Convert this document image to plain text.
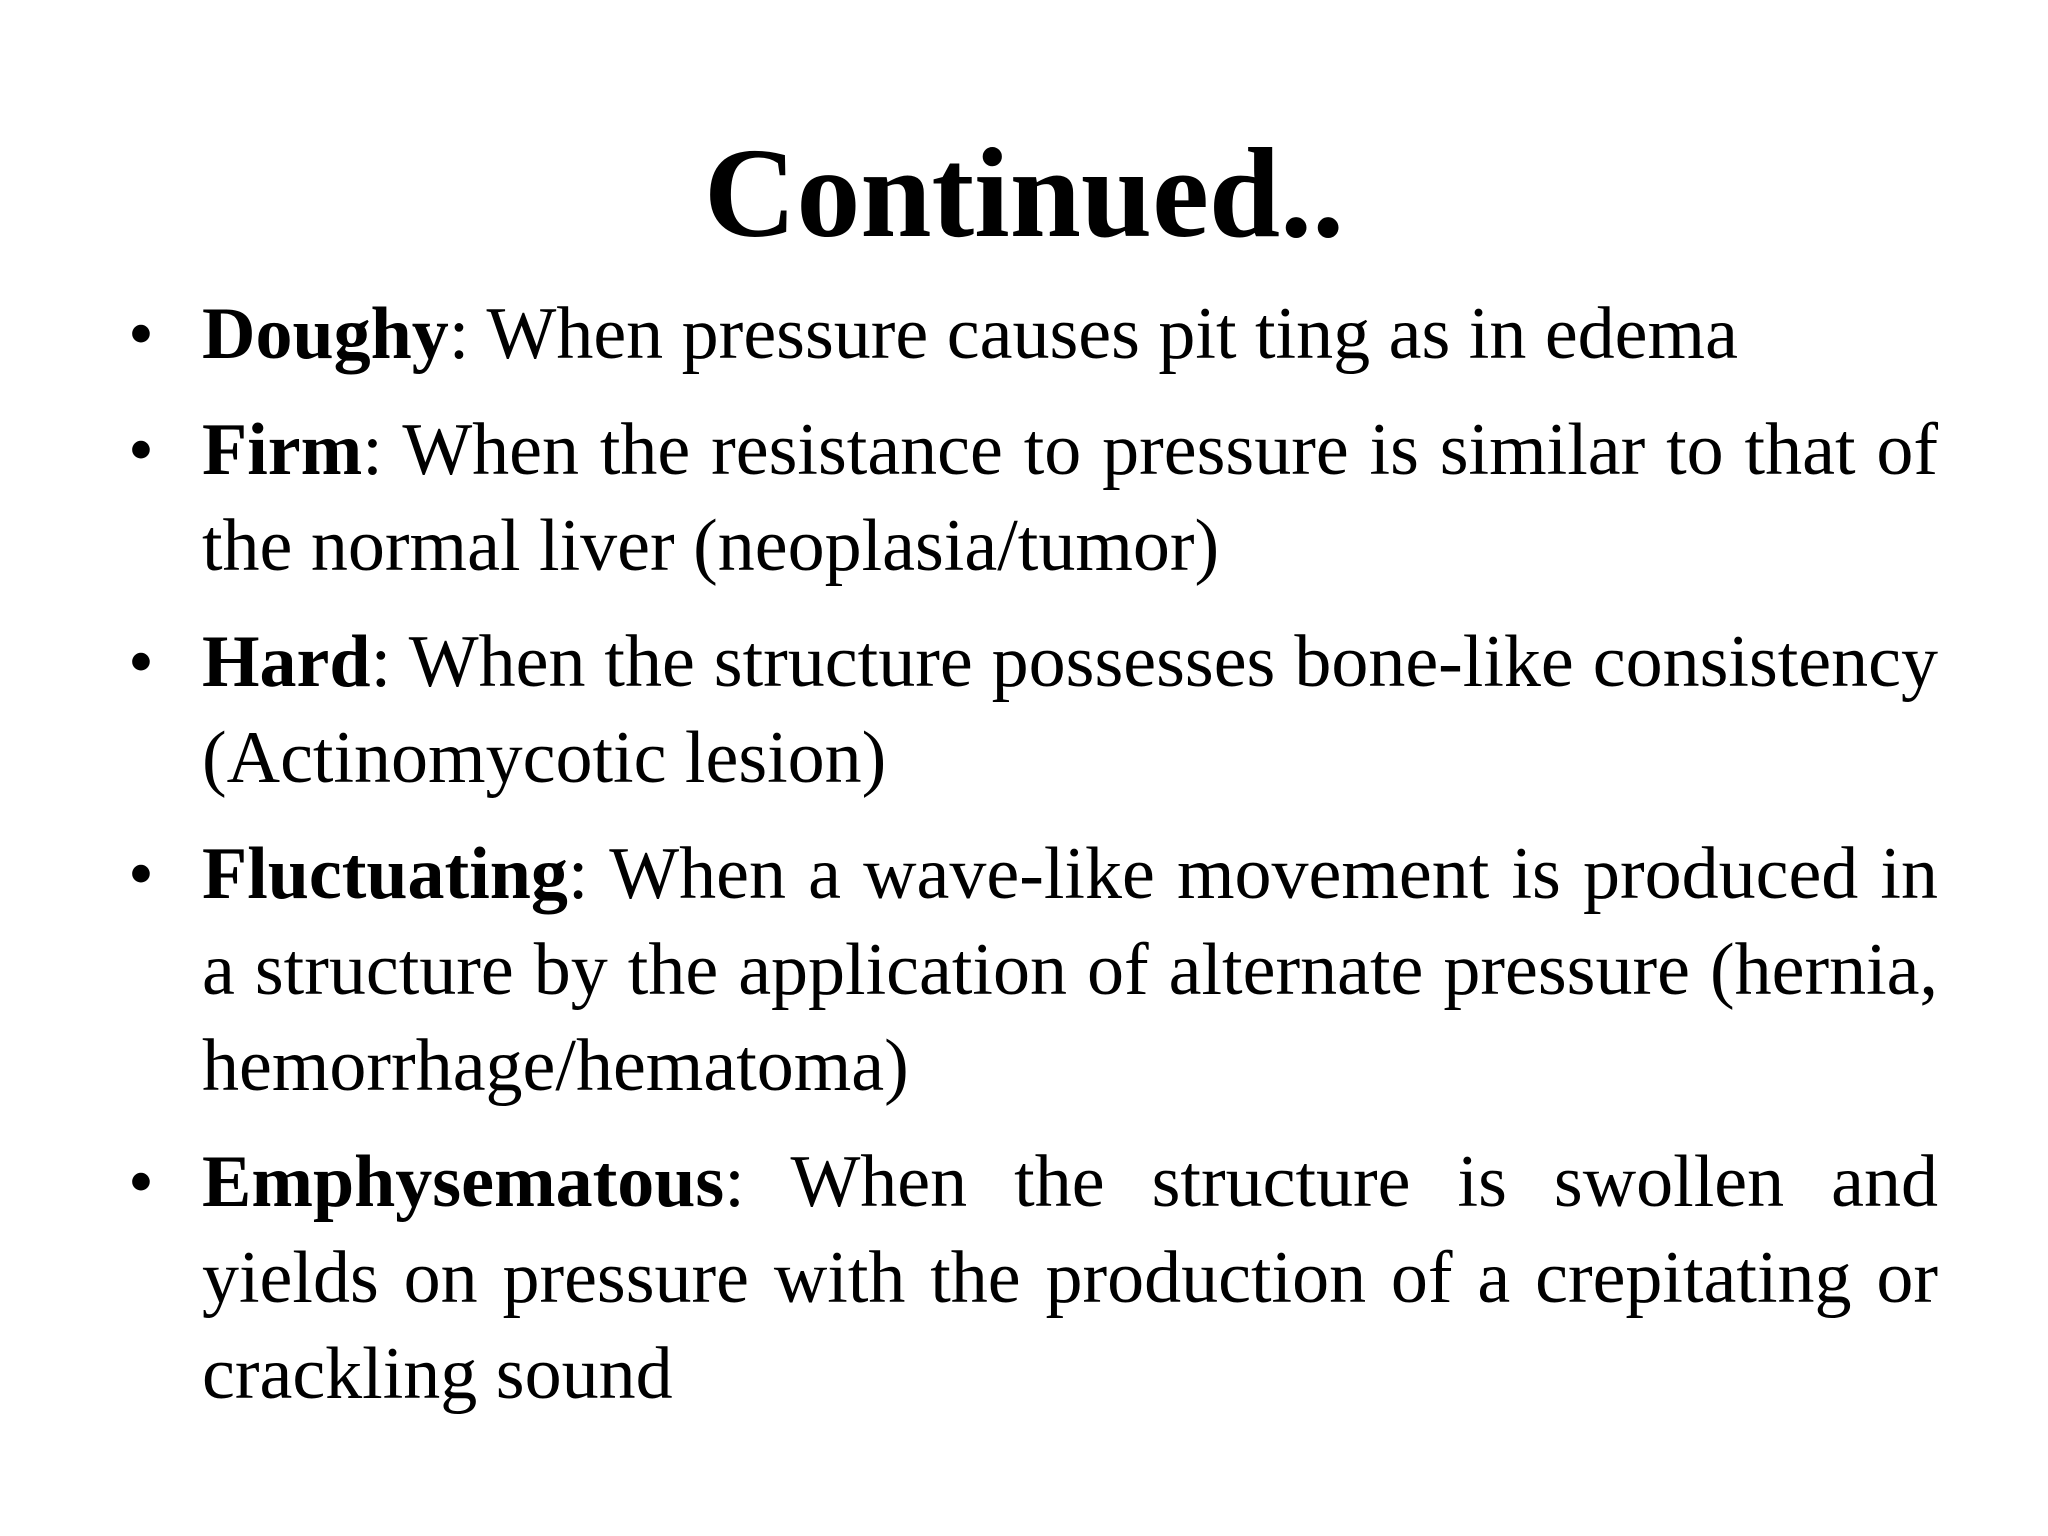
Continued..
• Doughy: When pressure causes pit ting as in edema
• Firm: When the resistance to pressure is similar to that of the normal liver (neoplasia/tumor)
• Hard: When the structure possesses bone-like consistency (Actinomycotic lesion)
• Fluctuating: When a wave-like movement is produced in a structure by the application of alternate pressure (hernia, hemorrhage/hematoma)
• Emphysematous: When the structure is swollen and yields on pressure with the production of a crepitating or crackling sound
